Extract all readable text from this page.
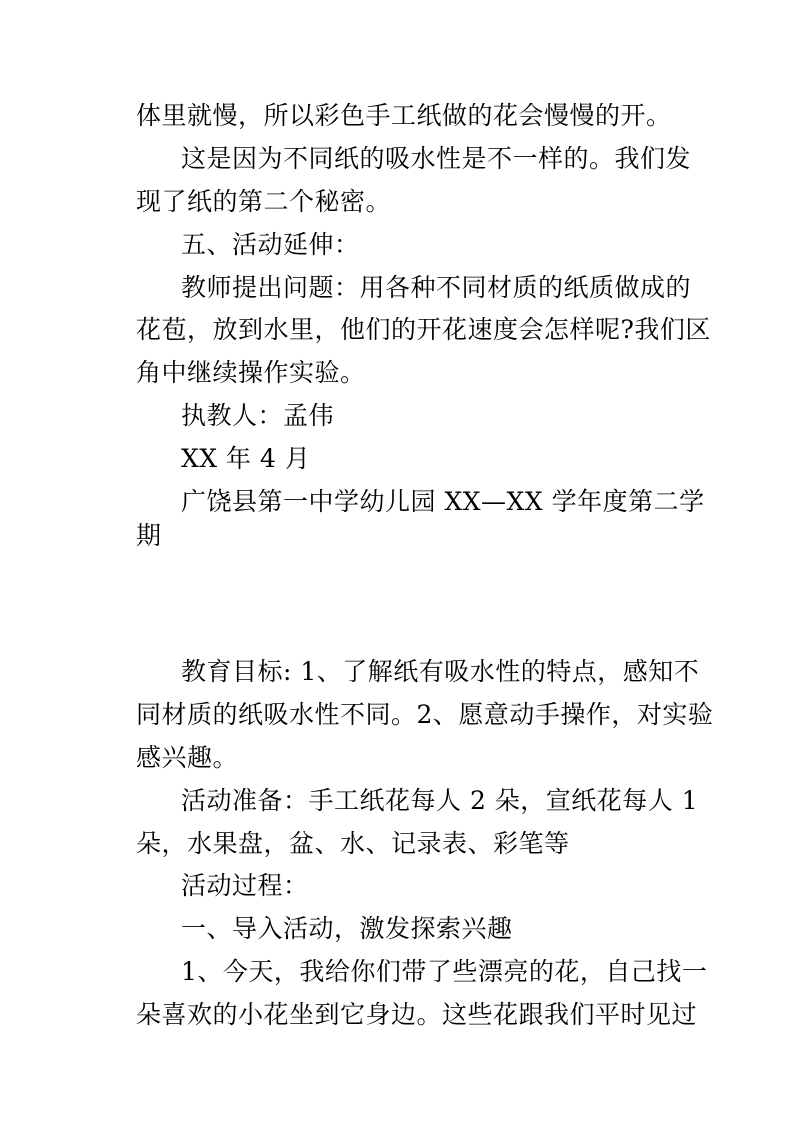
体里就慢，所以彩色手工纸做的花会慢慢的开。
这是因为不同纸的吸水性是不一样的。我们发
现了纸的第二个秘密。
五、活动延伸：
教师提出问题：用各种不同材质的纸质做成的
花苞，放到水里，他们的开花速度会怎样呢?我们区
角中继续操作实验。
执教人：孟伟
XX 年 4 月
广饶县第一中学幼儿园 XX—XX 学年度第二学
期
教育目标: 1、了解纸有吸水性的特点，感知不
同材质的纸吸水性不同。2、愿意动手操作，对实验
感兴趣。
活动准备：手工纸花每人 2 朵，宣纸花每人 1
朵，水果盘，盆、水、记录表、彩笔等
活动过程：
一、导入活动，激发探索兴趣
1、今天，我给你们带了些漂亮的花，自己找一
朵喜欢的小花坐到它身边。这些花跟我们平时见过
